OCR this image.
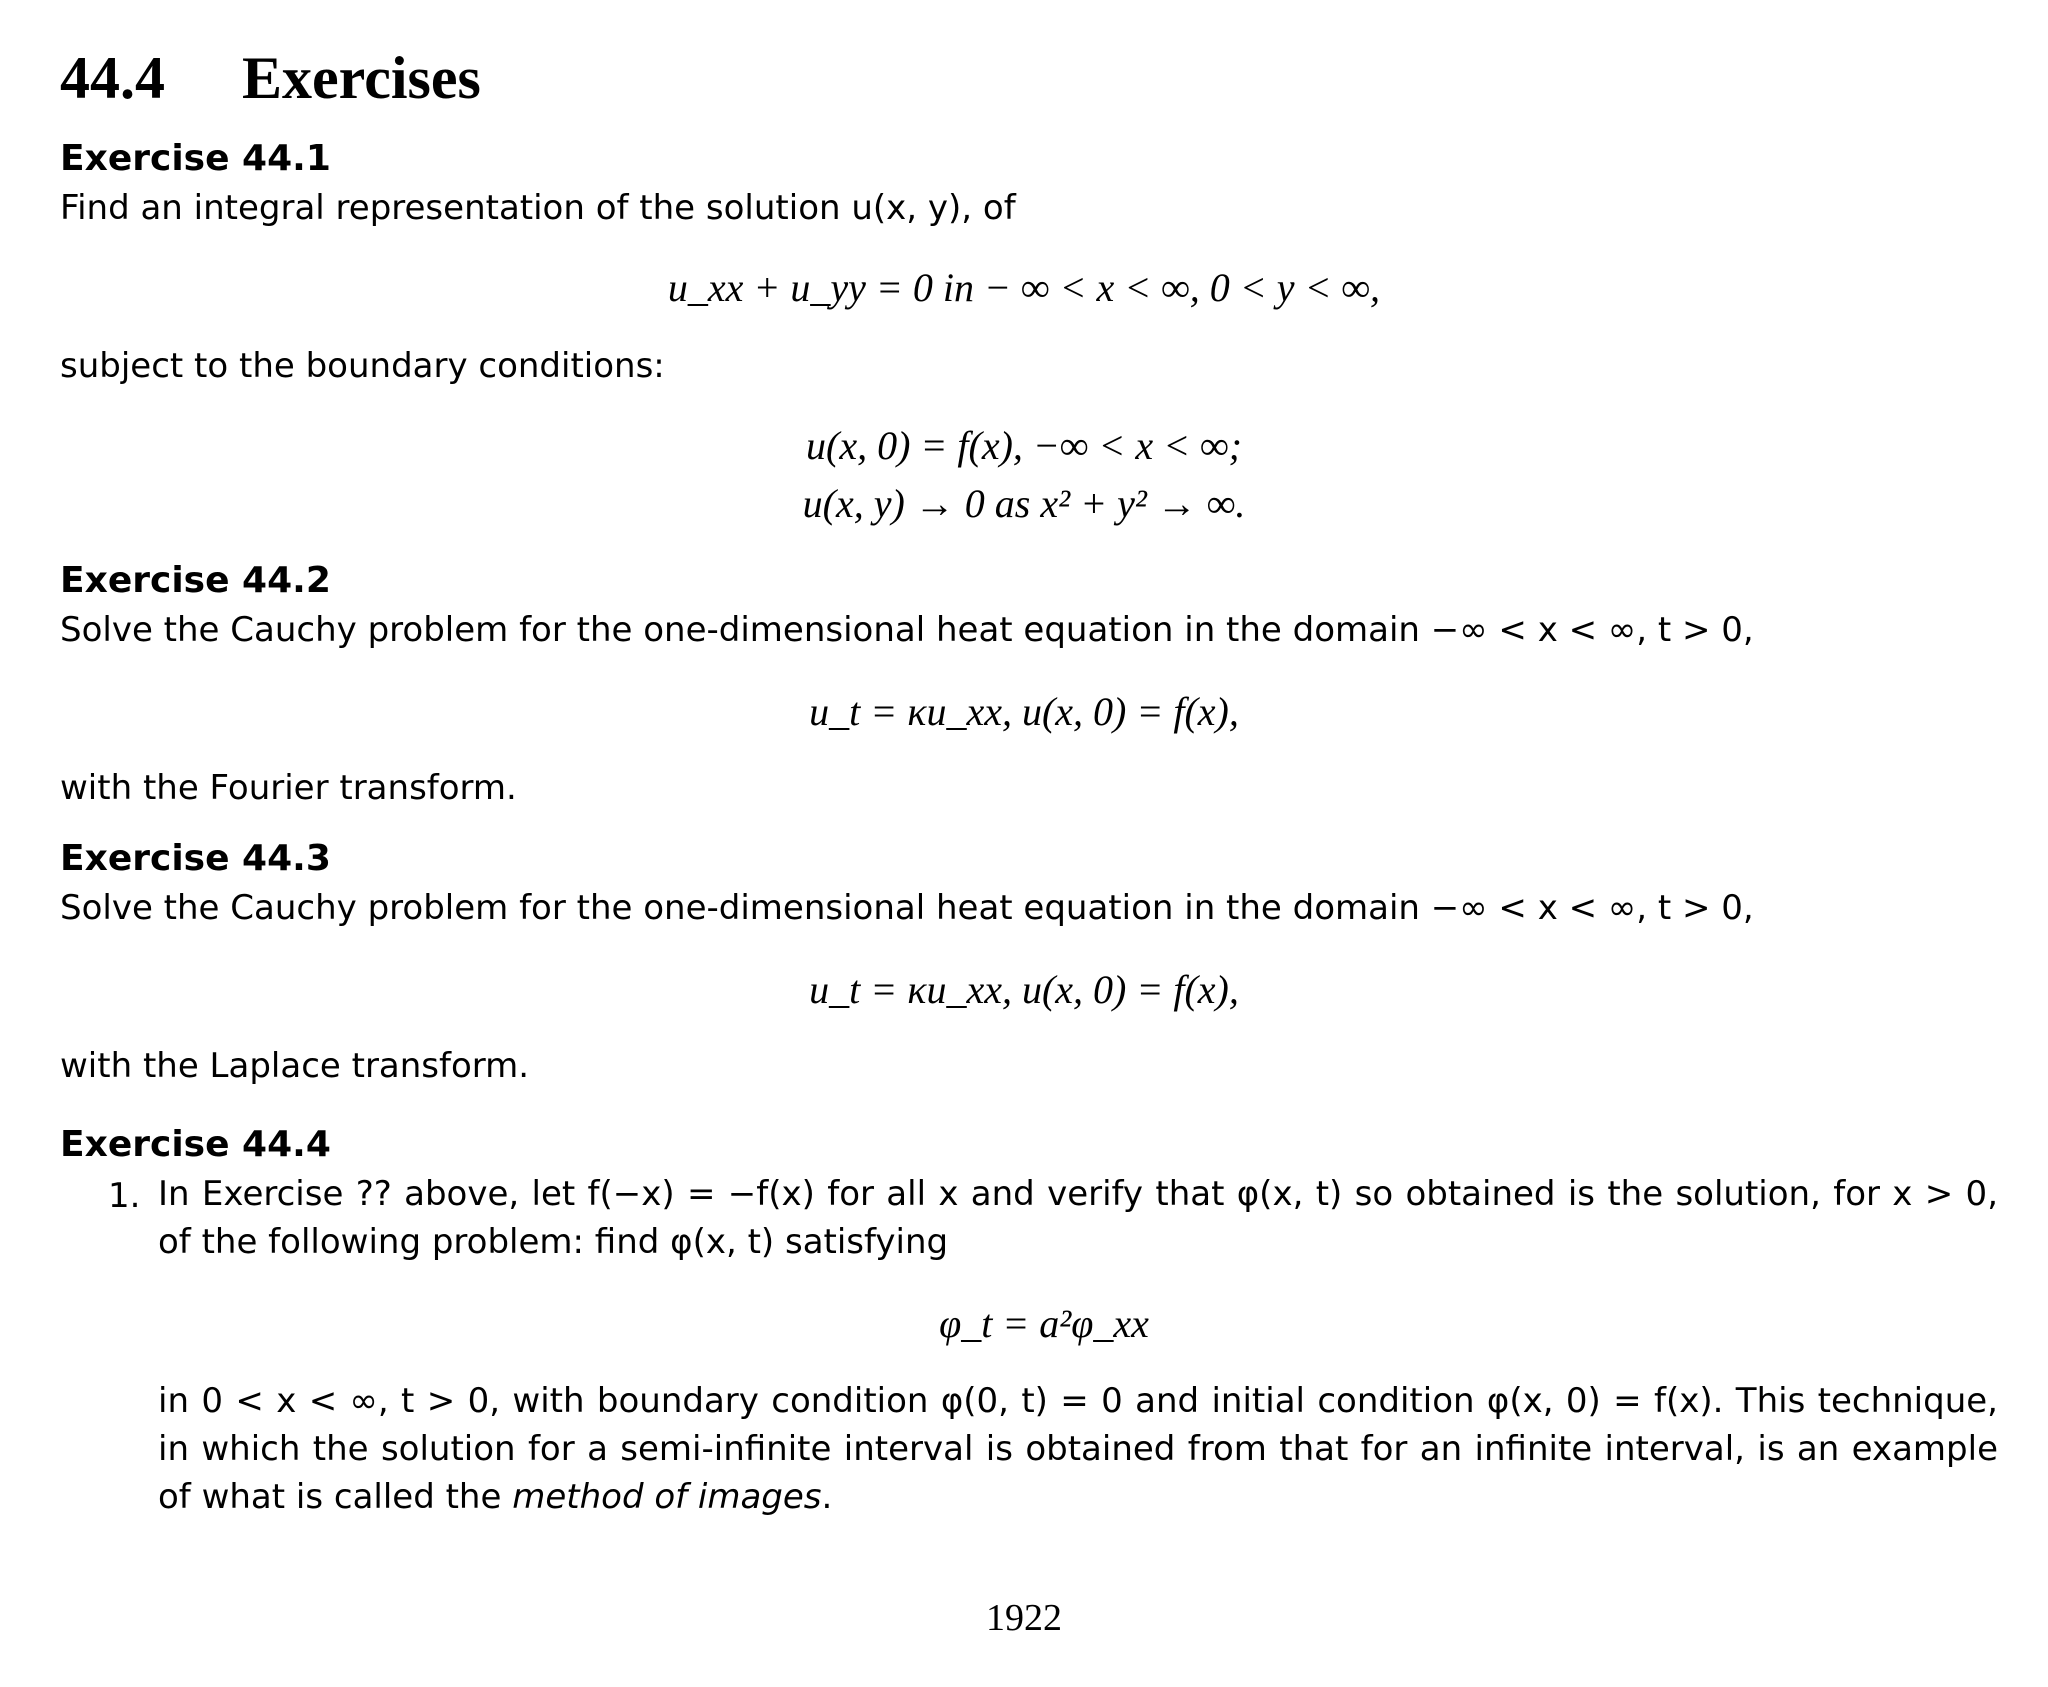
44.4 Exercises
Exercise 44.1
Find an integral representation of the solution u(x, y), of
u_xx + u_yy = 0 in − ∞ < x < ∞, 0 < y < ∞,
subject to the boundary conditions:
u(x, 0) = f(x), −∞ < x < ∞;
u(x, y) → 0 as x² + y² → ∞.
Exercise 44.2
Solve the Cauchy problem for the one-dimensional heat equation in the domain −∞ < x < ∞, t > 0,
u_t = κu_xx, u(x, 0) = f(x),
with the Fourier transform.
Exercise 44.3
Solve the Cauchy problem for the one-dimensional heat equation in the domain −∞ < x < ∞, t > 0,
u_t = κu_xx, u(x, 0) = f(x),
with the Laplace transform.
Exercise 44.4
1. In Exercise ?? above, let f(−x) = −f(x) for all x and verify that φ(x, t) so obtained is the solution, for x > 0, of the following problem: find φ(x, t) satisfying
φ_t = a²φ_xx
in 0 < x < ∞, t > 0, with boundary condition φ(0, t) = 0 and initial condition φ(x, 0) = f(x). This technique, in which the solution for a semi-infinite interval is obtained from that for an infinite interval, is an example of what is called the method of images.
1922
